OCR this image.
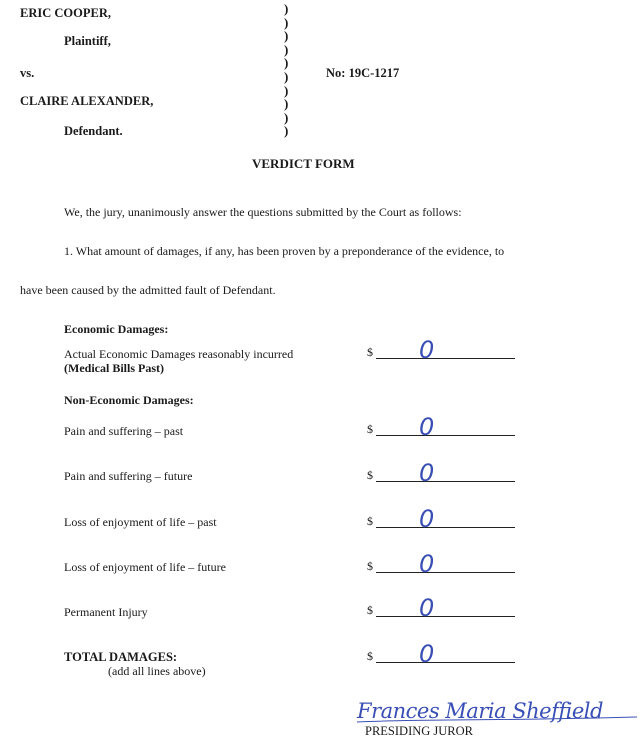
ERIC COOPER,
Plaintiff,
vs.
CLAIRE ALEXANDER,
Defendant.
No: 19C-1217
)
)
)
)
)
)
)
)
)
)
VERDICT FORM
We, the jury, unanimously answer the questions submitted by the Court as follows:
1. What amount of damages, if any, has been proven by a preponderance of the evidence, to
have been caused by the admitted fault of Defendant.
Economic Damages:
Non-Economic Damages:
Actual Economic Damages reasonably incurred
(Medical Bills Past)
Pain and suffering – past
Pain and suffering – future
Loss of enjoyment of life – past
Loss of enjoyment of life – future
Permanent Injury
TOTAL DAMAGES:
(add all lines above)
$ 0
$ 0
$ 0
$ 0
$ 0
$ 0
$ 0
Frances Maria Sheffield
PRESIDING JUROR
